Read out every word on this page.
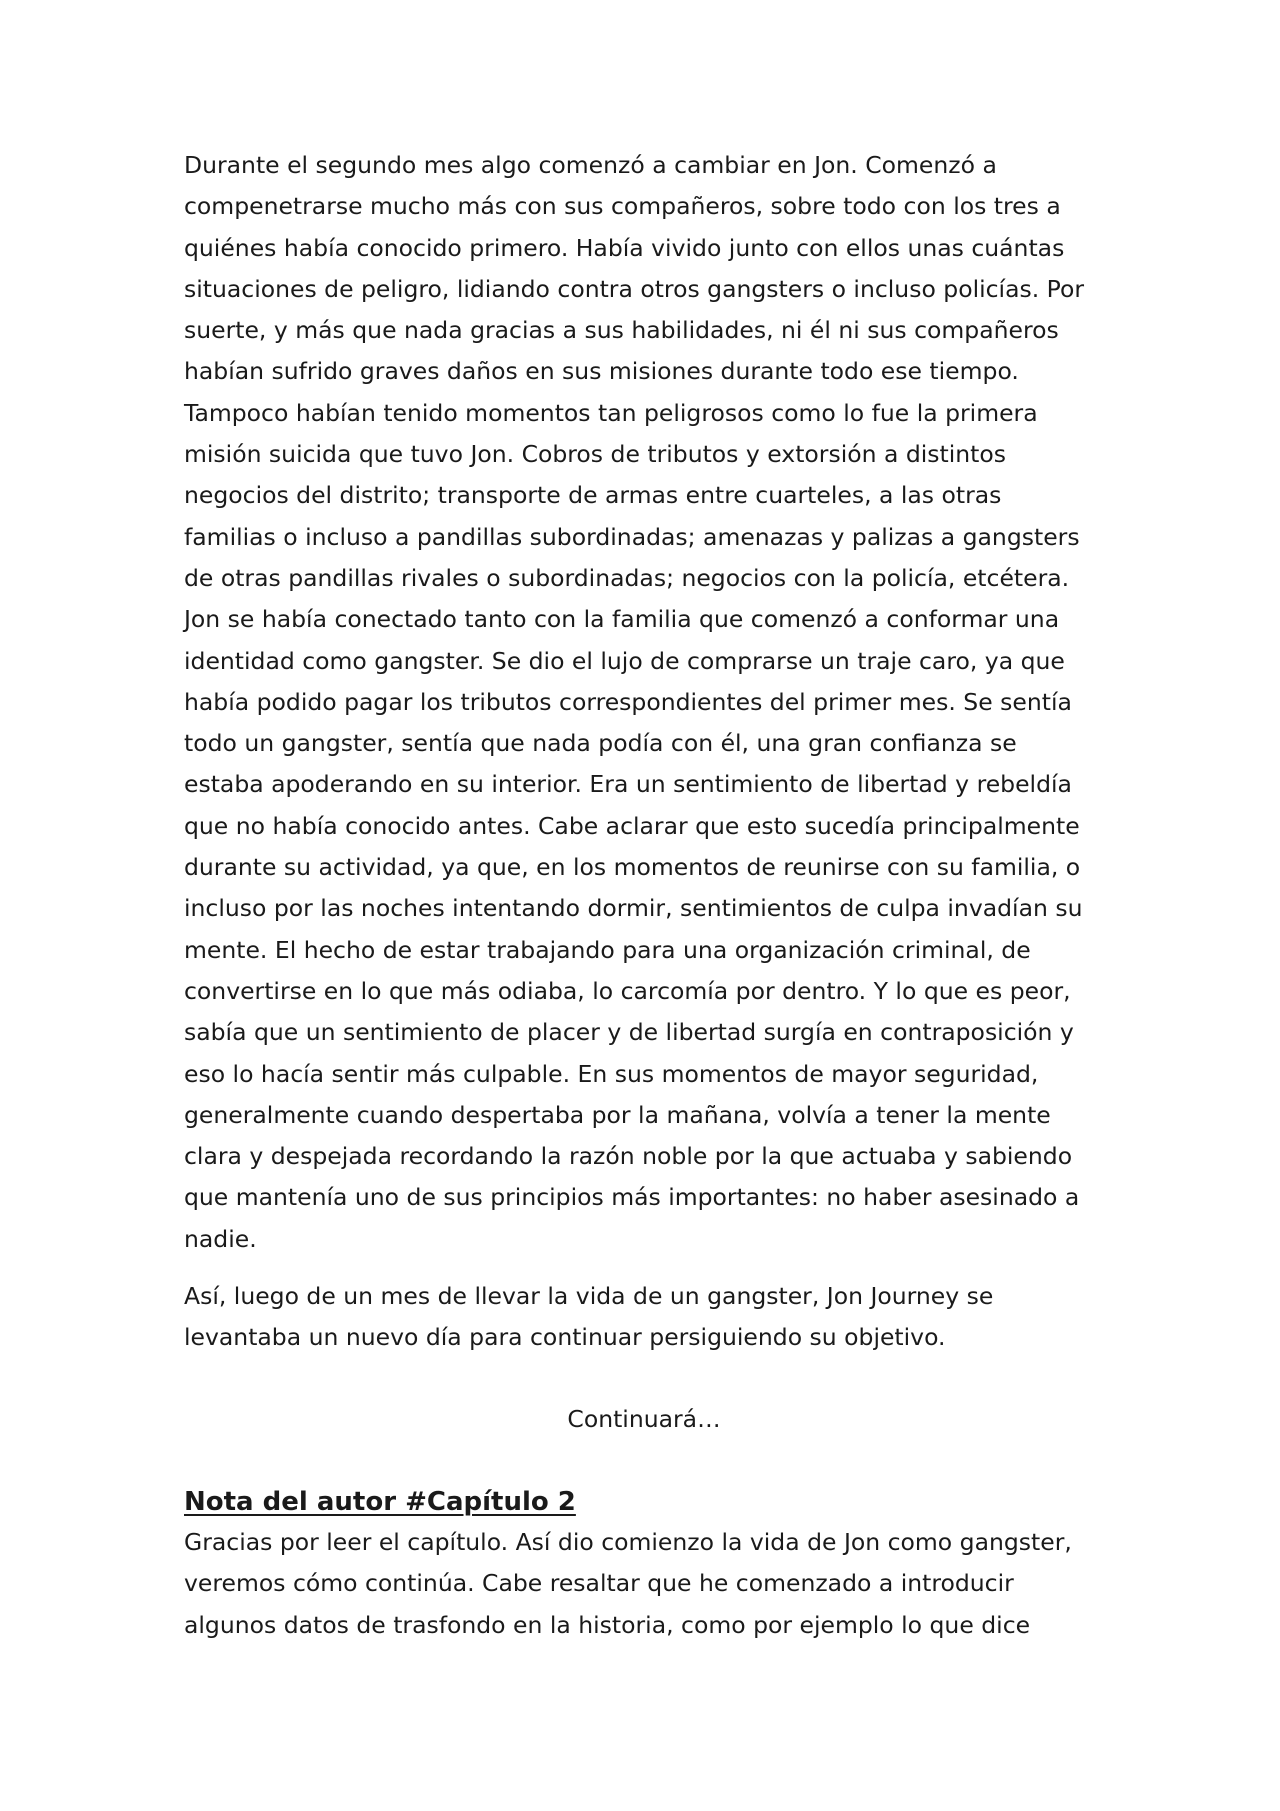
Durante el segundo mes algo comenzó a cambiar en Jon. Comenzó a
compenetrarse mucho más con sus compañeros, sobre todo con los tres a
quiénes había conocido primero. Había vivido junto con ellos unas cuántas
situaciones de peligro, lidiando contra otros gangsters o incluso policías. Por
suerte, y más que nada gracias a sus habilidades, ni él ni sus compañeros
habían sufrido graves daños en sus misiones durante todo ese tiempo.
Tampoco habían tenido momentos tan peligrosos como lo fue la primera
misión suicida que tuvo Jon. Cobros de tributos y extorsión a distintos
negocios del distrito; transporte de armas entre cuarteles, a las otras
familias o incluso a pandillas subordinadas; amenazas y palizas a gangsters
de otras pandillas rivales o subordinadas; negocios con la policía, etcétera.
Jon se había conectado tanto con la familia que comenzó a conformar una
identidad como gangster. Se dio el lujo de comprarse un traje caro, ya que
había podido pagar los tributos correspondientes del primer mes. Se sentía
todo un gangster, sentía que nada podía con él, una gran confianza se
estaba apoderando en su interior. Era un sentimiento de libertad y rebeldía
que no había conocido antes. Cabe aclarar que esto sucedía principalmente
durante su actividad, ya que, en los momentos de reunirse con su familia, o
incluso por las noches intentando dormir, sentimientos de culpa invadían su
mente. El hecho de estar trabajando para una organización criminal, de
convertirse en lo que más odiaba, lo carcomía por dentro. Y lo que es peor,
sabía que un sentimiento de placer y de libertad surgía en contraposición y
eso lo hacía sentir más culpable. En sus momentos de mayor seguridad,
generalmente cuando despertaba por la mañana, volvía a tener la mente
clara y despejada recordando la razón noble por la que actuaba y sabiendo
que mantenía uno de sus principios más importantes: no haber asesinado a
nadie.

Así, luego de un mes de llevar la vida de un gangster, Jon Journey se
levantaba un nuevo día para continuar persiguiendo su objetivo.

Continuará…
Nota del autor #Capítulo 2

Gracias por leer el capítulo. Así dio comienzo la vida de Jon como gangster,
veremos cómo continúa. Cabe resaltar que he comenzado a introducir
algunos datos de trasfondo en la historia, como por ejemplo lo que dice
